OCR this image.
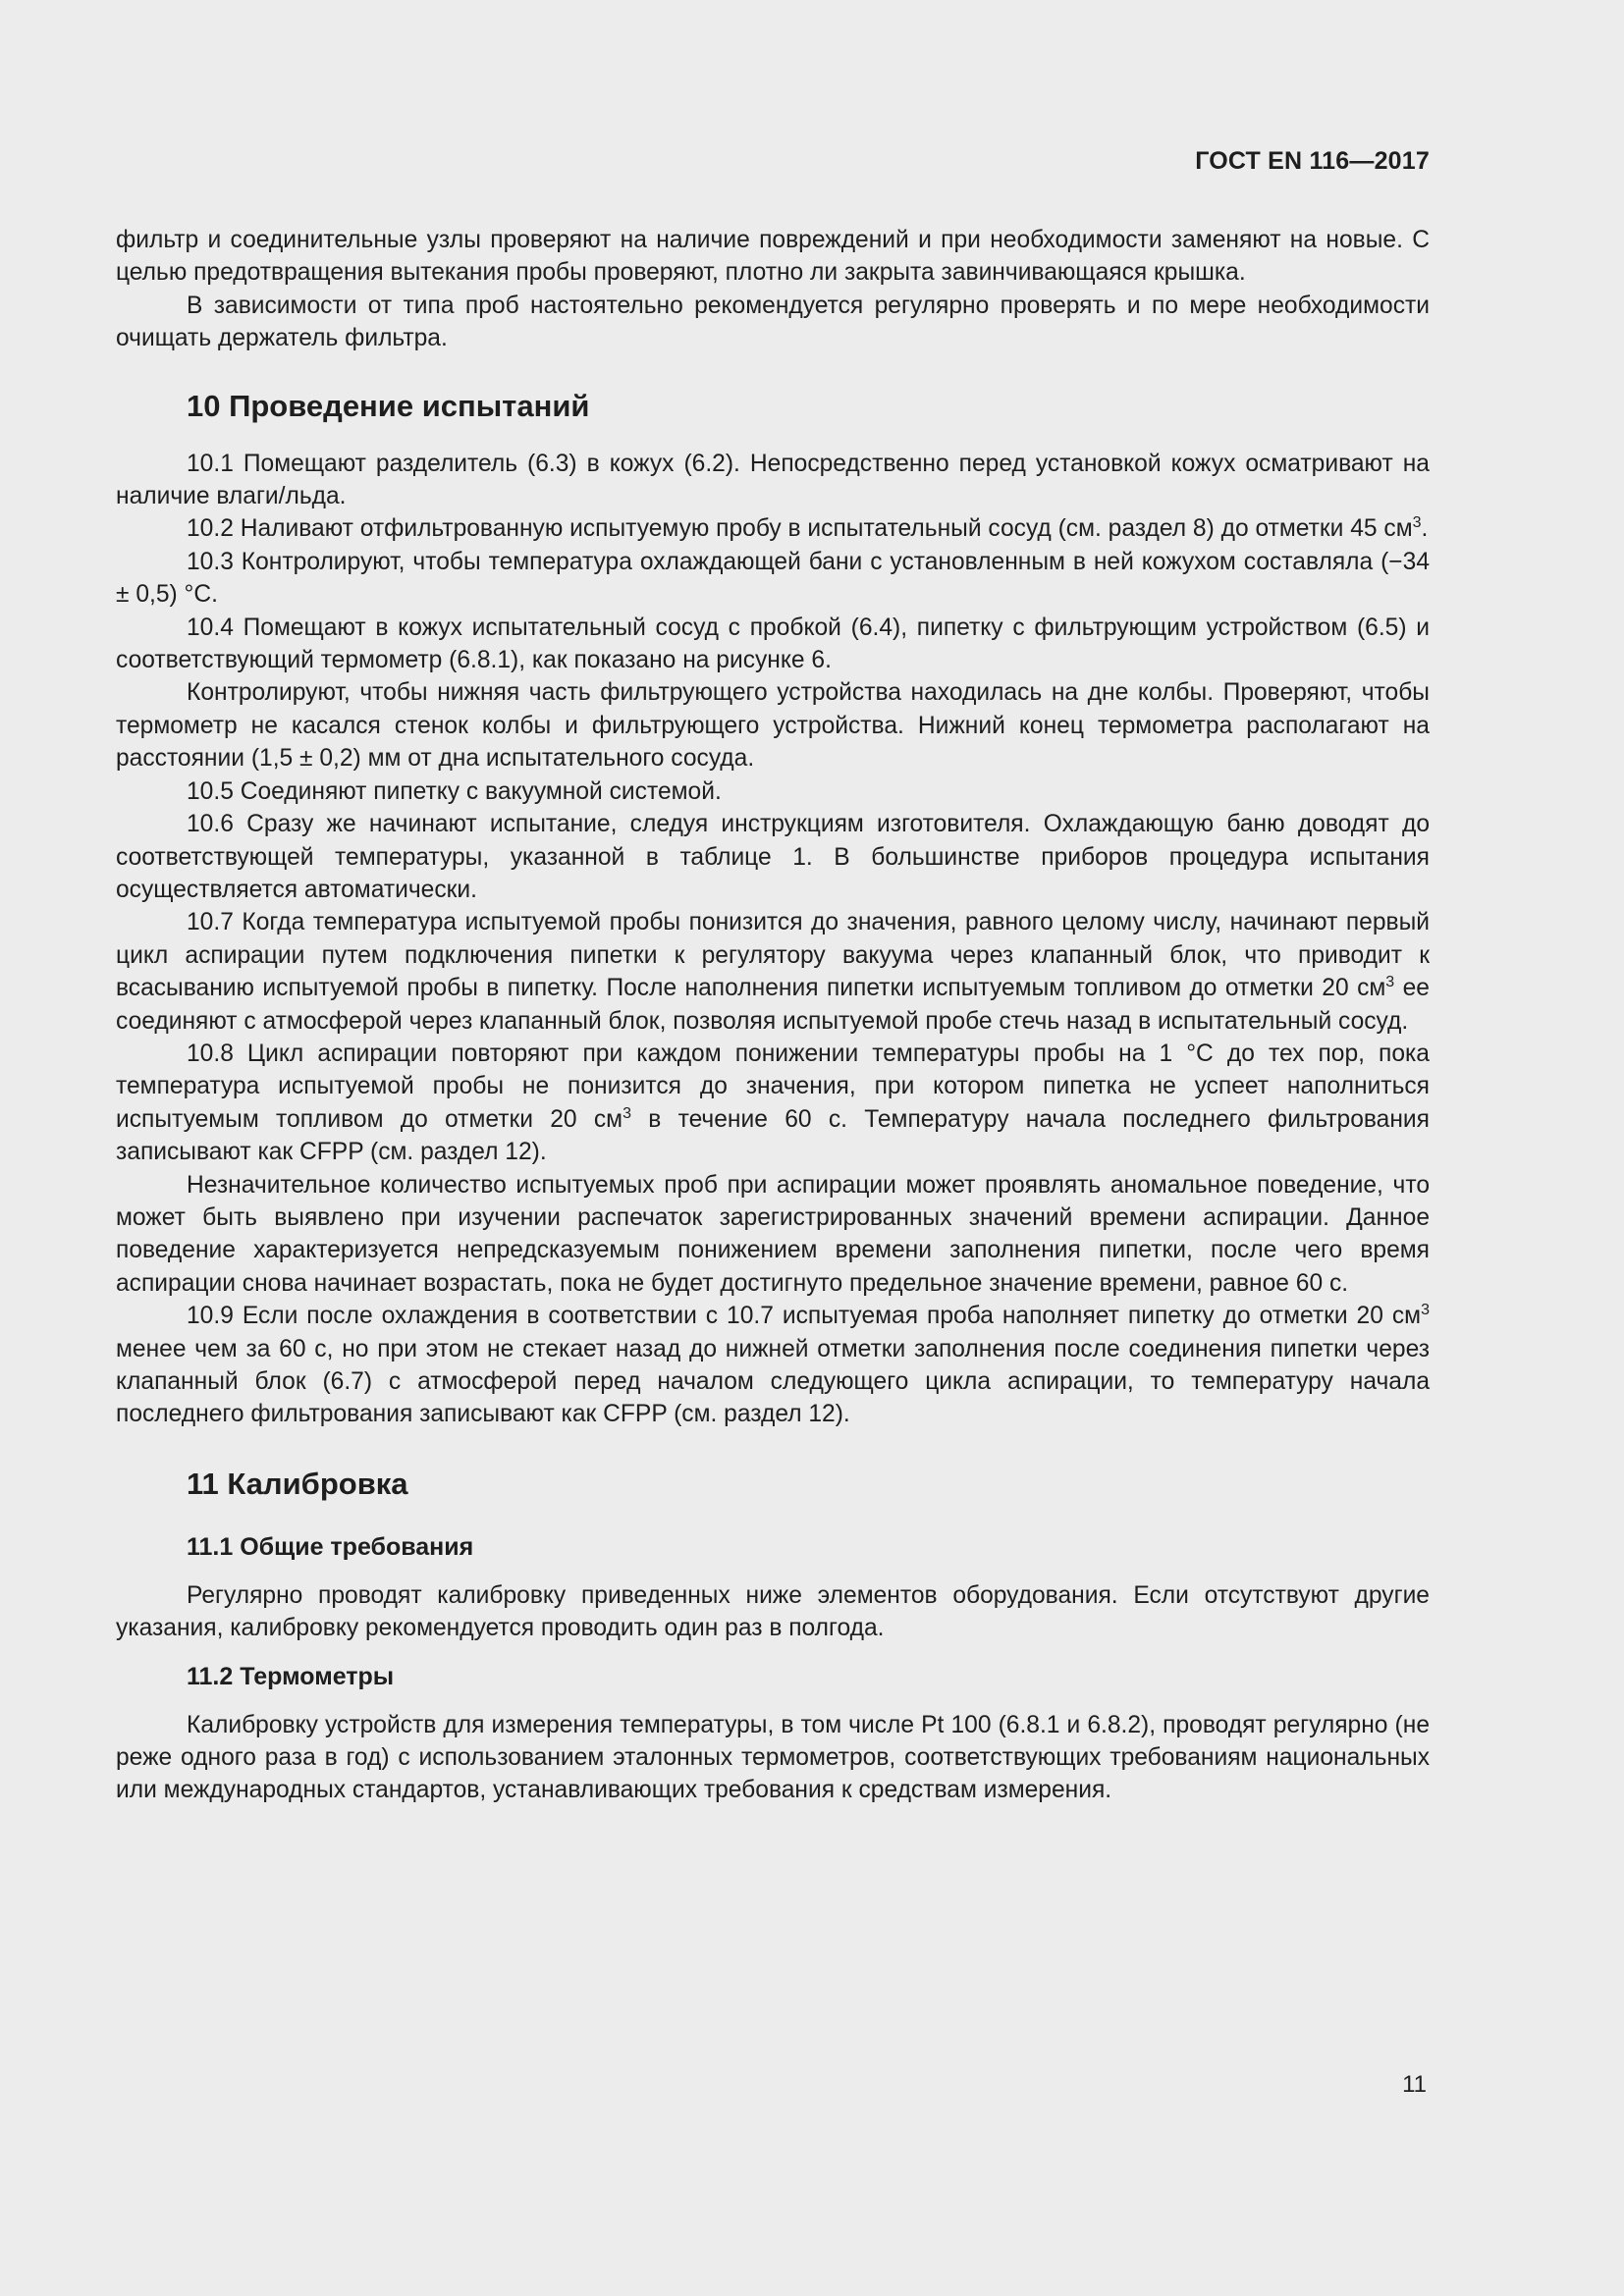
ГОСТ EN 116—2017

фильтр и соединительные узлы проверяют на наличие повреждений и при необходимости заменяют на новые. С целью предотвращения вытекания пробы проверяют, плотно ли закрыта завинчивающаяся крышка.

В зависимости от типа проб настоятельно рекомендуется регулярно проверять и по мере необходимости очищать держатель фильтра.

10 Проведение испытаний

10.1 Помещают разделитель (6.3) в кожух (6.2). Непосредственно перед установкой кожух осматривают на наличие влаги/льда.

10.2 Наливают отфильтрованную испытуемую пробу в испытательный сосуд (см. раздел 8) до отметки 45 $см^3$.

10.3 Контролируют, чтобы температура охлаждающей бани с установленным в ней кожухом составляла (−34 ± 0,5) °С.

10.4 Помещают в кожух испытательный сосуд с пробкой (6.4), пипетку с фильтрующим устройством (6.5) и соответствующий термометр (6.8.1), как показано на рисунке 6.

Контролируют, чтобы нижняя часть фильтрующего устройства находилась на дне колбы. Проверяют, чтобы термометр не касался стенок колбы и фильтрующего устройства. Нижний конец термометра располагают на расстоянии (1,5 ± 0,2) мм от дна испытательного сосуда.

10.5 Соединяют пипетку с вакуумной системой.

10.6 Сразу же начинают испытание, следуя инструкциям изготовителя. Охлаждающую баню доводят до соответствующей температуры, указанной в таблице 1. В большинстве приборов процедура испытания осуществляется автоматически.

10.7 Когда температура испытуемой пробы понизится до значения, равного целому числу, начинают первый цикл аспирации путем подключения пипетки к регулятору вакуума через клапанный блок, что приводит к всасыванию испытуемой пробы в пипетку. После наполнения пипетки испытуемым топливом до отметки 20 $см^3$ ее соединяют с атмосферой через клапанный блок, позволяя испытуемой пробе стечь назад в испытательный сосуд.

10.8 Цикл аспирации повторяют при каждом понижении температуры пробы на 1 °С до тех пор, пока температура испытуемой пробы не понизится до значения, при котором пипетка не успеет наполниться испытуемым топливом до отметки 20 $см^3$ в течение 60 с. Температуру начала последнего фильтрования записывают как CFPP (см. раздел 12).

Незначительное количество испытуемых проб при аспирации может проявлять аномальное поведение, что может быть выявлено при изучении распечаток зарегистрированных значений времени аспирации. Данное поведение характеризуется непредсказуемым понижением времени заполнения пипетки, после чего время аспирации снова начинает возрастать, пока не будет достигнуто предельное значение времени, равное 60 с.

10.9 Если после охлаждения в соответствии с 10.7 испытуемая проба наполняет пипетку до отметки 20 $см^3$ менее чем за 60 с, но при этом не стекает назад до нижней отметки заполнения после соединения пипетки через клапанный блок (6.7) с атмосферой перед началом следующего цикла аспирации, то температуру начала последнего фильтрования записывают как CFPP (см. раздел 12).

11 Калибровка
11.1 Общие требования

Регулярно проводят калибровку приведенных ниже элементов оборудования. Если отсутствуют другие указания, калибровку рекомендуется проводить один раз в полгода.

11.2 Термометры

Калибровку устройств для измерения температуры, в том числе Pt 100 (6.8.1 и 6.8.2), проводят регулярно (не реже одного раза в год) с использованием эталонных термометров, соответствующих требованиям национальных или международных стандартов, устанавливающих требования к средствам измерения.

11
